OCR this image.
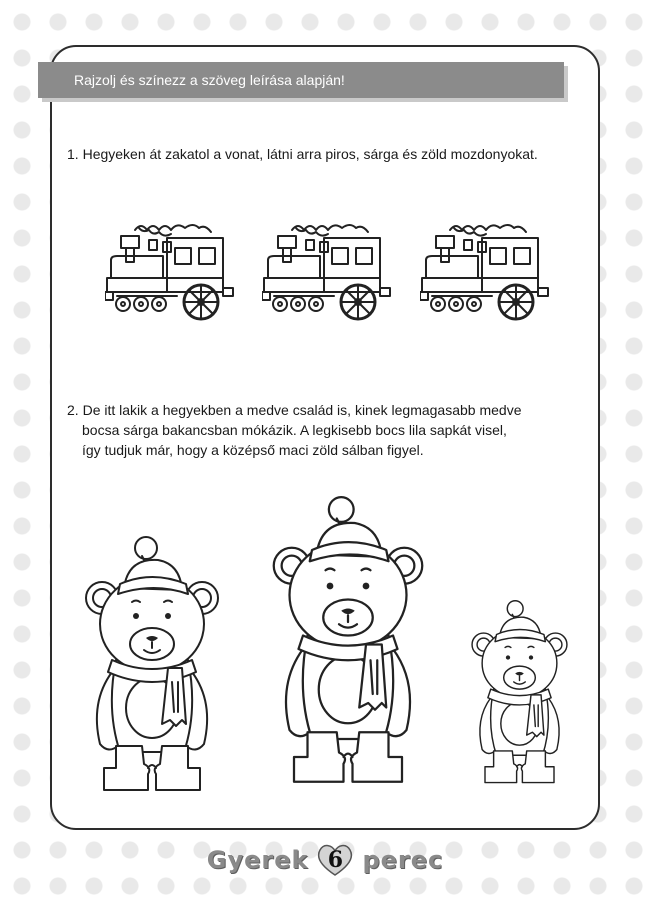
Rajzolj és színezz a szöveg leírása alapján!
1. Hegyeken át zakatol a vonat, látni arra piros, sárga és zöld mozdonyokat.
2. De itt lakik a hegyekben a medve család is, kinek legmagasabb medve
bocsa sárga bakancsban mókázik. A legkisebb bocs lila sapkát visel,
így tudjuk már, hogy a középső maci zöld sálban figyel.
Gyerek 6 perec
